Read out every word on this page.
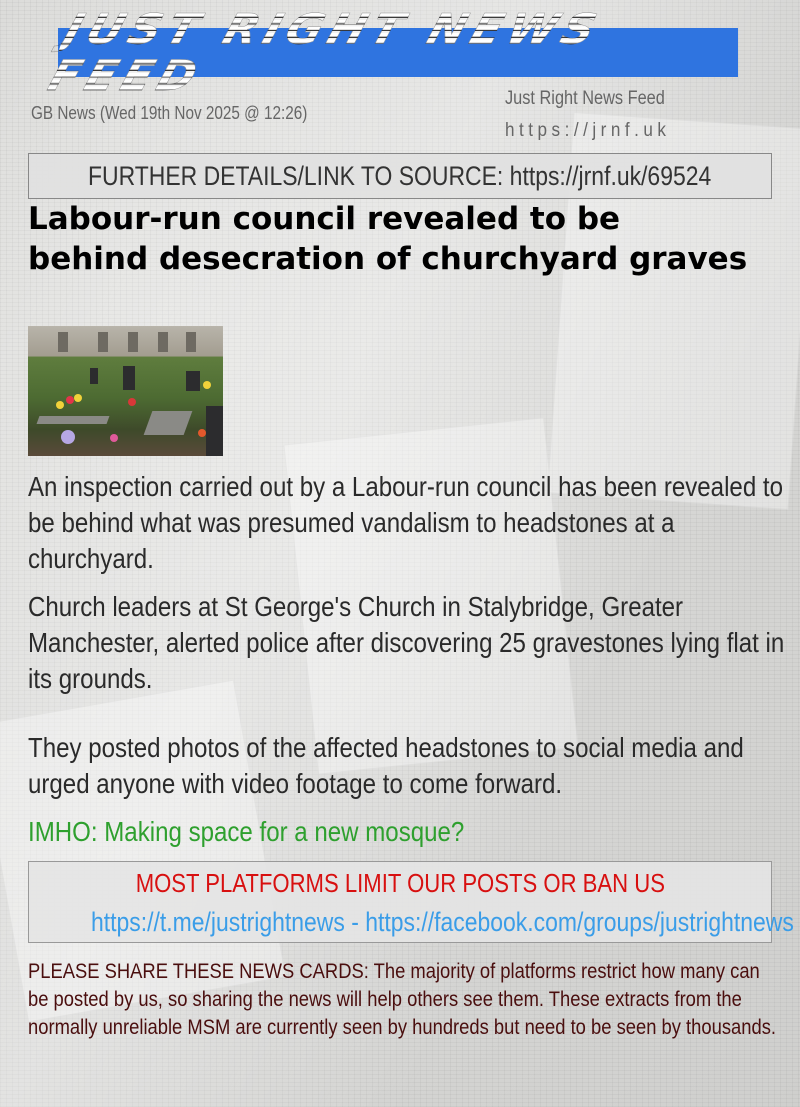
JUST RIGHT NEWS FEED
GB News (Wed 19th Nov 2025 @ 12:26)
Just Right News Feed
https://jrnf.uk
FURTHER DETAILS/LINK TO SOURCE: https://jrnf.uk/69524
Labour-run council revealed to be behind desecration of churchyard graves
An inspection carried out by a Labour-run council has been revealed to be behind what was presumed vandalism to headstones at a churchyard.
Church leaders at St George's Church in Stalybridge, Greater Manchester, alerted police after discovering 25 gravestones lying flat in its grounds.
They posted photos of the affected headstones to social media and urged anyone with video footage to come forward.
IMHO: Making space for a new mosque?
MOST PLATFORMS LIMIT OUR POSTS OR BAN US
https://t.me/justrightnews - https://facebook.com/groups/justrightnews
PLEASE SHARE THESE NEWS CARDS: The majority of platforms restrict how many can be posted by us, so sharing the news will help others see them. These extracts from the normally unreliable MSM are currently seen by hundreds but need to be seen by thousands.
